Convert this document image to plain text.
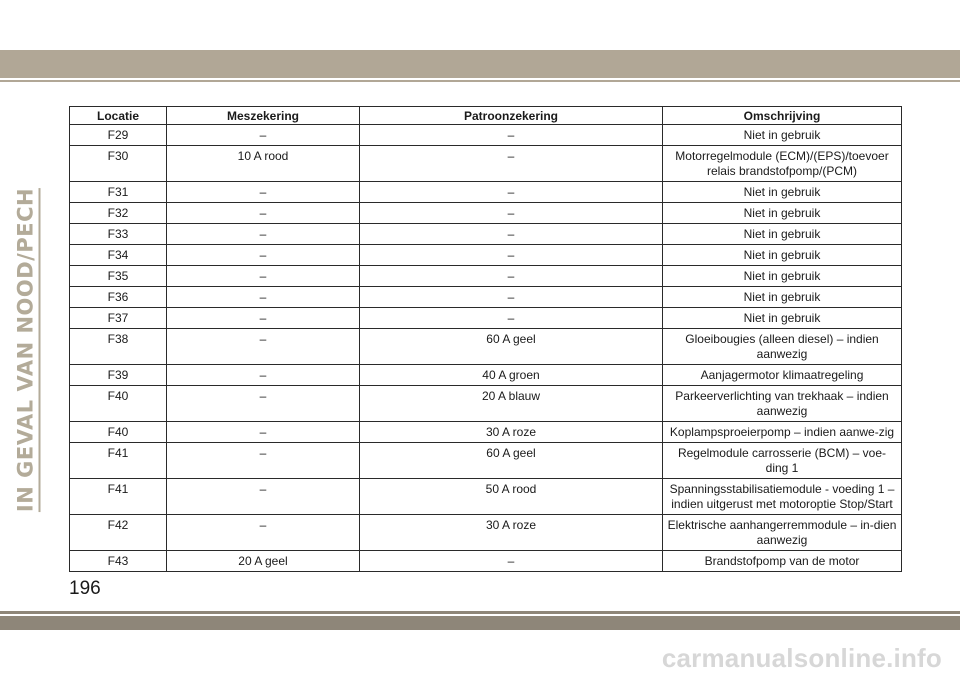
IN GEVAL VAN NOOD/PECH
Locatie	Meszekering	Patroonzekering	Omschrijving
F29	–	–	Niet in gebruik
F30	10 A rood	–	Motorregelmodule (ECM)/(EPS)/toevoer relais brandstofpomp/(PCM)
F31	–	–	Niet in gebruik
F32	–	–	Niet in gebruik
F33	–	–	Niet in gebruik
F34	–	–	Niet in gebruik
F35	–	–	Niet in gebruik
F36	–	–	Niet in gebruik
F37	–	–	Niet in gebruik
F38	–	60 A geel	Gloeibougies (alleen diesel) – indien aanwezig
F39	–	40 A groen	Aanjagermotor klimaatregeling
F40	–	20 A blauw	Parkeerverlichting van trekhaak – indien aanwezig
F40	–	30 A roze	Koplampsproeierpomp – indien aanwe-zig
F41	–	60 A geel	Regelmodule carrosserie (BCM) – voe-ding 1
F41	–	50 A rood	Spanningsstabilisatiemodule - voeding 1 – indien uitgerust met motoroptie Stop/Start
F42	–	30 A roze	Elektrische aanhangerremmodule – in-dien aanwezig
F43	20 A geel	–	Brandstofpomp van de motor
196
carmanualsonline.info
